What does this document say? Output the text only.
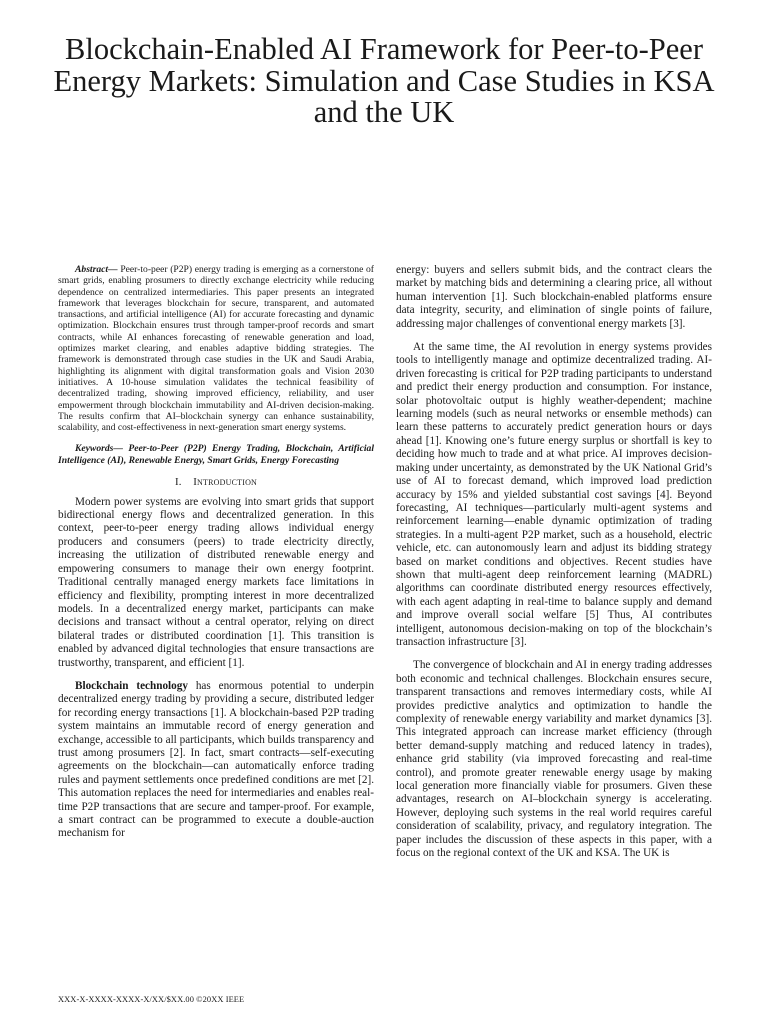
Blockchain-Enabled AI Framework for Peer-to-Peer Energy Markets: Simulation and Case Studies in KSA and the UK

Abstract— Peer-to-peer (P2P) energy trading is emerging as a cornerstone of smart grids, enabling prosumers to directly exchange electricity while reducing dependence on centralized intermediaries. This paper presents an integrated framework that leverages blockchain for secure, transparent, and automated transactions, and artificial intelligence (AI) for accurate forecasting and dynamic optimization. Blockchain ensures trust through tamper-proof records and smart contracts, while AI enhances forecasting of renewable generation and load, optimizes market clearing, and enables adaptive bidding strategies. The framework is demonstrated through case studies in the UK and Saudi Arabia, highlighting its alignment with digital transformation goals and Vision 2030 initiatives. A 10-house simulation validates the technical feasibility of decentralized trading, showing improved efficiency, reliability, and user empowerment through blockchain immutability and AI-driven decision-making. The results confirm that AI–blockchain synergy can enhance sustainability, scalability, and cost-effectiveness in next-generation smart energy systems.

Keywords— Peer-to-Peer (P2P) Energy Trading, Blockchain, Artificial Intelligence (AI), Renewable Energy, Smart Grids, Energy Forecasting

I. Introduction

Modern power systems are evolving into smart grids that support bidirectional energy flows and decentralized generation. In this context, peer-to-peer energy trading allows individual energy producers and consumers (peers) to trade electricity directly, increasing the utilization of distributed renewable energy and empowering consumers to manage their own energy footprint. Traditional centrally managed energy markets face limitations in efficiency and flexibility, prompting interest in more decentralized models. In a decentralized energy market, participants can make decisions and transact without a central operator, relying on direct bilateral trades or distributed coordination [1]. This transition is enabled by advanced digital technologies that ensure transactions are trustworthy, transparent, and efficient [1].

Blockchain technology has enormous potential to underpin decentralized energy trading by providing a secure, distributed ledger for recording energy transactions [1]. A blockchain-based P2P trading system maintains an immutable record of energy generation and exchange, accessible to all participants, which builds transparency and trust among prosumers [2]. In fact, smart contracts—self-executing agreements on the blockchain—can automatically enforce trading rules and payment settlements once predefined conditions are met [2]. This automation replaces the need for intermediaries and enables real-time P2P transactions that are secure and tamper-proof. For example, a smart contract can be programmed to execute a double-auction mechanism for

energy: buyers and sellers submit bids, and the contract clears the market by matching bids and determining a clearing price, all without human intervention [1]. Such blockchain-enabled platforms ensure data integrity, security, and elimination of single points of failure, addressing major challenges of conventional energy markets [3].

At the same time, the AI revolution in energy systems provides tools to intelligently manage and optimize decentralized trading. AI-driven forecasting is critical for P2P trading participants to understand and predict their energy production and consumption. For instance, solar photovoltaic output is highly weather-dependent; machine learning models (such as neural networks or ensemble methods) can learn these patterns to accurately predict generation hours or days ahead [1]. Knowing one’s future energy surplus or shortfall is key to deciding how much to trade and at what price. AI improves decision-making under uncertainty, as demonstrated by the UK National Grid’s use of AI to forecast demand, which improved load prediction accuracy by 15% and yielded substantial cost savings [4]. Beyond forecasting, AI techniques—particularly multi-agent systems and reinforcement learning—enable dynamic optimization of trading strategies. In a multi-agent P2P market, such as a household, electric vehicle, etc. can autonomously learn and adjust its bidding strategy based on market conditions and objectives. Recent studies have shown that multi-agent deep reinforcement learning (MADRL) algorithms can coordinate distributed energy resources effectively, with each agent adapting in real-time to balance supply and demand and improve overall social welfare [5] Thus, AI contributes intelligent, autonomous decision-making on top of the blockchain’s transaction infrastructure [3].

The convergence of blockchain and AI in energy trading addresses both economic and technical challenges. Blockchain ensures secure, transparent transactions and removes intermediary costs, while AI provides predictive analytics and optimization to handle the complexity of renewable energy variability and market dynamics [3]. This integrated approach can increase market efficiency (through better demand-supply matching and reduced latency in trades), enhance grid stability (via improved forecasting and real-time control), and promote greater renewable energy usage by making local generation more financially viable for prosumers. Given these advantages, research on AI–blockchain synergy is accelerating. However, deploying such systems in the real world requires careful consideration of scalability, privacy, and regulatory integration. The paper includes the discussion of these aspects in this paper, with a focus on the regional context of the UK and KSA. The UK is

XXX-X-XXXX-XXXX-X/XX/$XX.00 ©20XX IEEE
